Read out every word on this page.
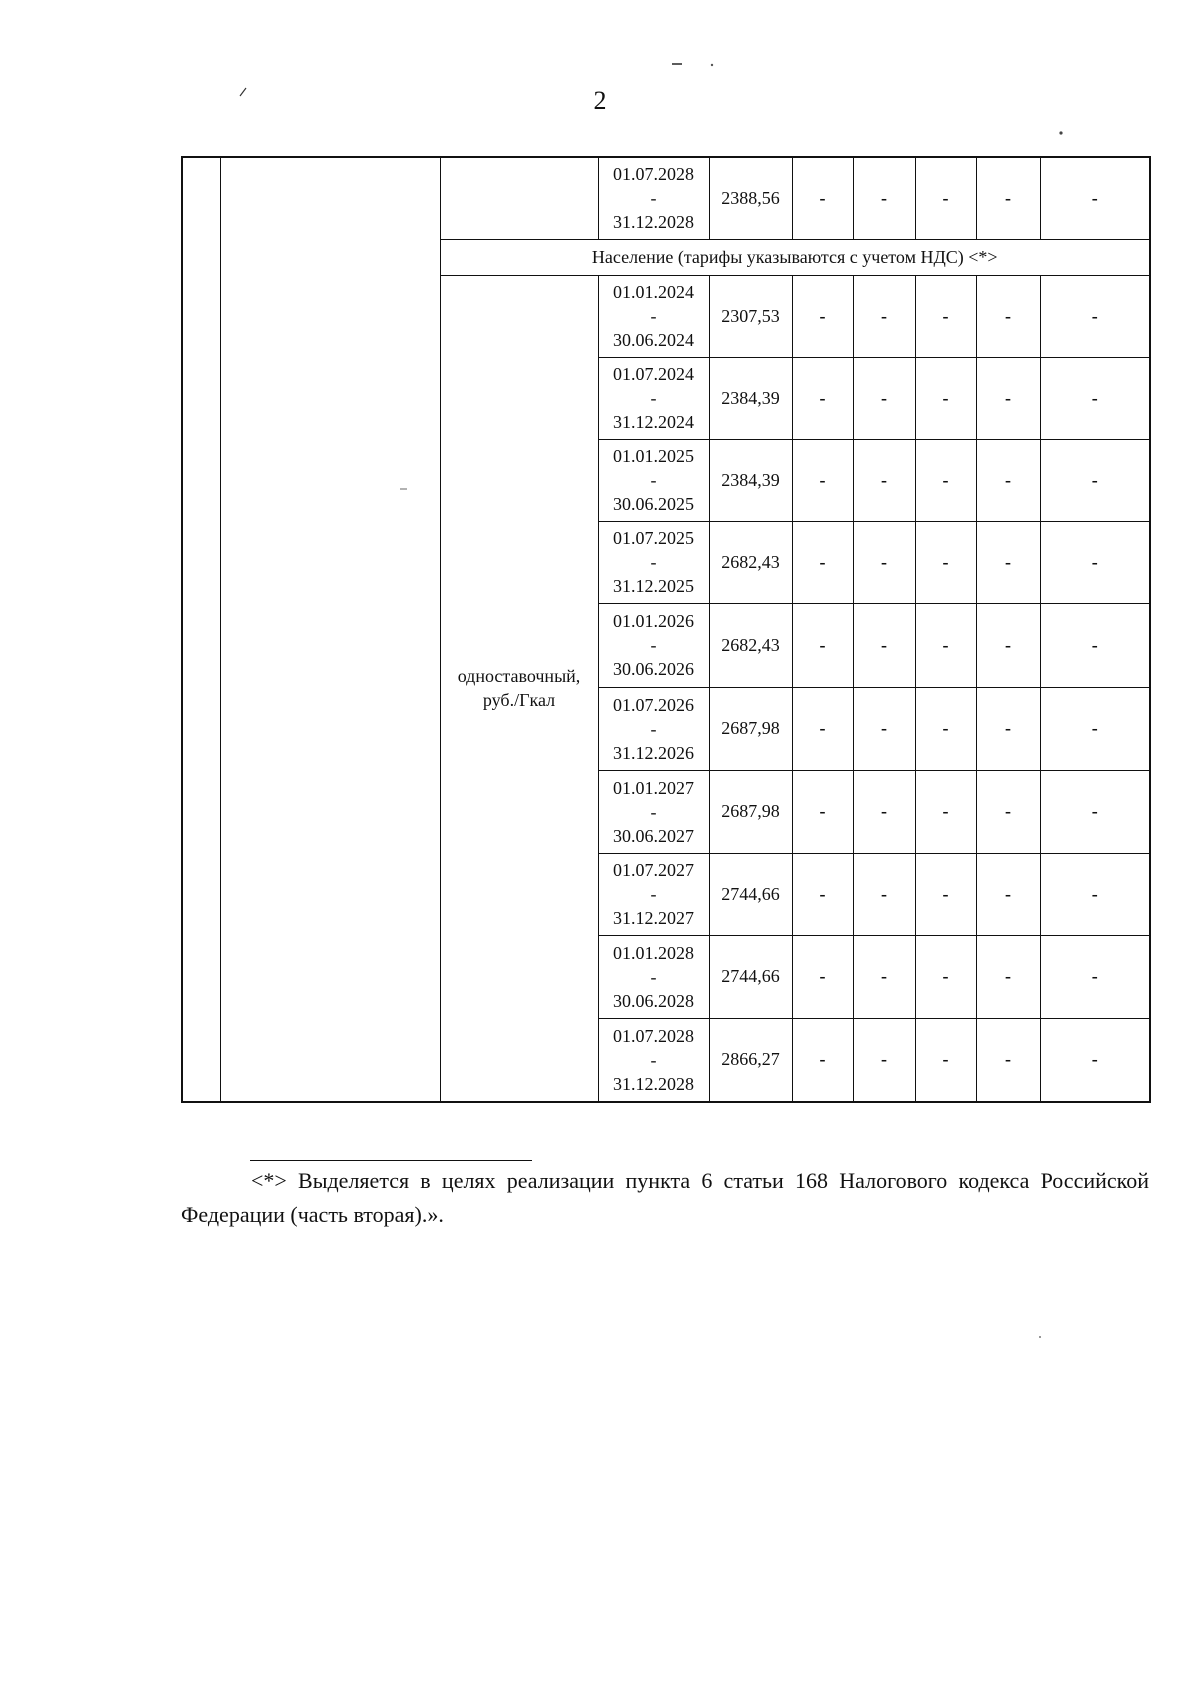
2

			01.07.2028
-
31.12.2028	2388,56	-	-	-	-	-
		Население (тарифы указываются с учетом НДС) <*>							
		одноставочный, руб./Гкал	01.01.2024
-
30.06.2024	2307,53	-	-	-	-	-

			01.07.2024
-
31.12.2024	2384,39	-	-	-	-	-

			01.01.2025
-
30.06.2025	2384,39	-	-	-	-	-

			01.07.2025
-
31.12.2025	2682,43	-	-	-	-	-

			01.01.2026
-
30.06.2026	2682,43	-	-	-	-	-

			01.07.2026
-
31.12.2026	2687,98	-	-	-	-	-

			01.01.2027
-
30.06.2027	2687,98	-	-	-	-	-

			01.07.2027
-
31.12.2027	2744,66	-	-	-	-	-

			01.01.2028
-
30.06.2028	2744,66	-	-	-	-	-

			01.07.2028
-
31.12.2028	2866,27	-	-	-	-	-
<*> Выделяется в целях реализации пункта 6 статьи 168 Налогового кодекса Российской Федерации (часть вторая).».
